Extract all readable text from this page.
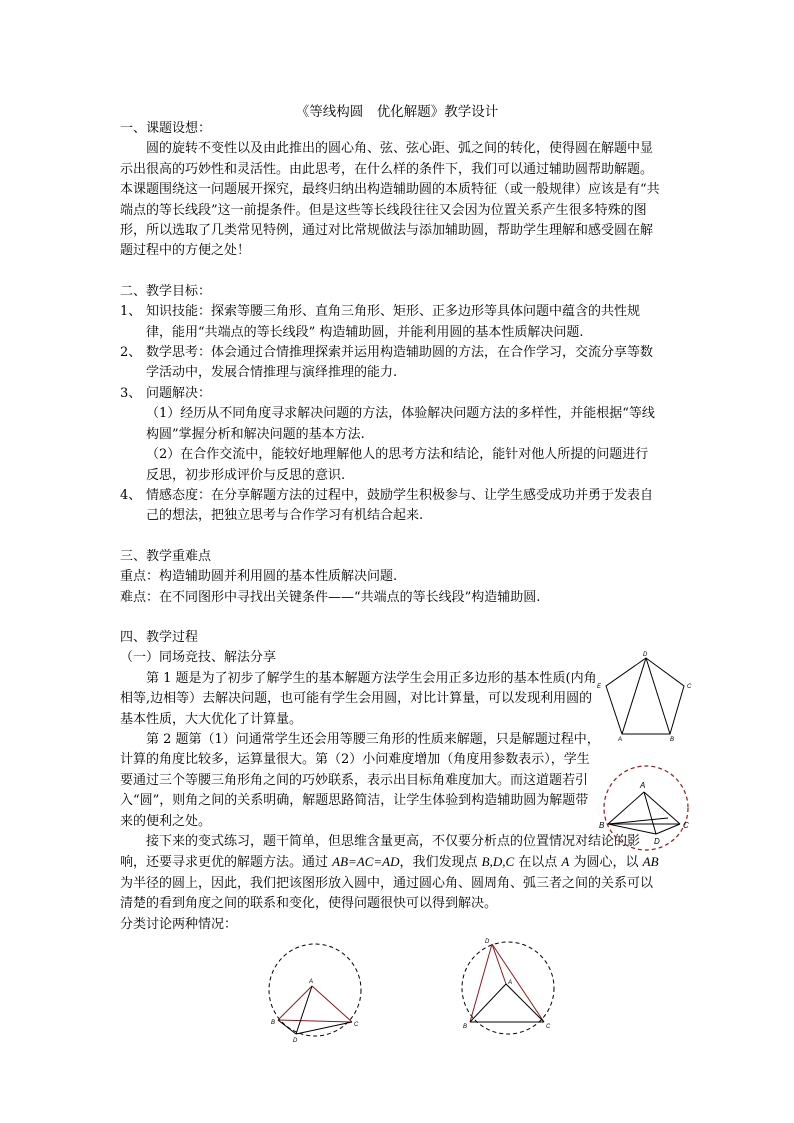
《等线构圆　优化解题》教学设计

一、课题设想：

圆的旋转不变性以及由此推出的圆心角、弦、弦心距、弧之间的转化，使得圆在解题中显示出很高的巧妙性和灵活性。由此思考，在什么样的条件下，我们可以通过辅助圆帮助解题。本课题围绕这一问题展开探究，最终归纳出构造辅助圆的本质特征（或一般规律）应该是有“共端点的等长线段”这一前提条件。但是这些等长线段往往又会因为位置关系产生很多特殊的图形，所以选取了几类常见特例，通过对比常规做法与添加辅助圆，帮助学生理解和感受圆在解题过程中的方便之处！

二、教学目标：

1、 知识技能：探索等腰三角形、直角三角形、矩形、正多边形等具体问题中蕴含的共性规律，能用“共端点的等长线段” 构造辅助圆，并能利用圆的基本性质解决问题.
2、 数学思考：体会通过合情推理探索并运用构造辅助圆的方法，在合作学习，交流分享等数学活动中，发展合情推理与演绎推理的能力.
3、 问题解决：

（1）经历从不同角度寻求解决问题的方法，体验解决问题方法的多样性，并能根据“等线构圆”掌握分析和解决问题的基本方法.

（2）在合作交流中，能较好地理解他人的思考方法和结论，能针对他人所提的问题进行反思，初步形成评价与反思的意识.

4、 情感态度：在分享解题方法的过程中，鼓励学生积极参与、让学生感受成功并勇于发表自己的想法，把独立思考与合作学习有机结合起来.

三、教学重难点

重点：构造辅助圆并利用圆的基本性质解决问题.

难点：在不同图形中寻找出关键条件——“共端点的等长线段”构造辅助圆.

四、教学过程

（一）同场竞技、解法分享

第 1 题是为了初步了解学生的基本解题方法学生会用正多边形的基本性质(内角相等,边相等）去解决问题，也可能有学生会用圆，对比计算量，可以发现利用圆的基本性质，大大优化了计算量。

第 2 题第（1）问通常学生还会用等腰三角形的性质来解题，只是解题过程中，计算的角度比较多，运算量很大。第（2）小问难度增加（角度用参数表示），学生要通过三个等腰三角形角之间的巧妙联系，表示出目标角难度加大。而这道题若引入“圆”，则角之间的关系明确，解题思路简洁，让学生体验到构造辅助圆为解题带来的便利之处。

接下来的变式练习，题干简单，但思维含量更高，不仅要分析点的位置情况对结论的影响，还要寻求更优的解题方法。通过 AB=AC=AD，我们发现点 B,D,C 在以点 A 为圆心，以 AB 为半径的圆上，因此，我们把该图形放入圆中，通过圆心角、圆周角、弧三者之间的关系可以清楚的看到角度之间的联系和变化，使得问题很快可以得到解决。

分类讨论两种情况：

D
E	C
A	B
A
B	C
D
A
B	C
D
D
A
B	C
